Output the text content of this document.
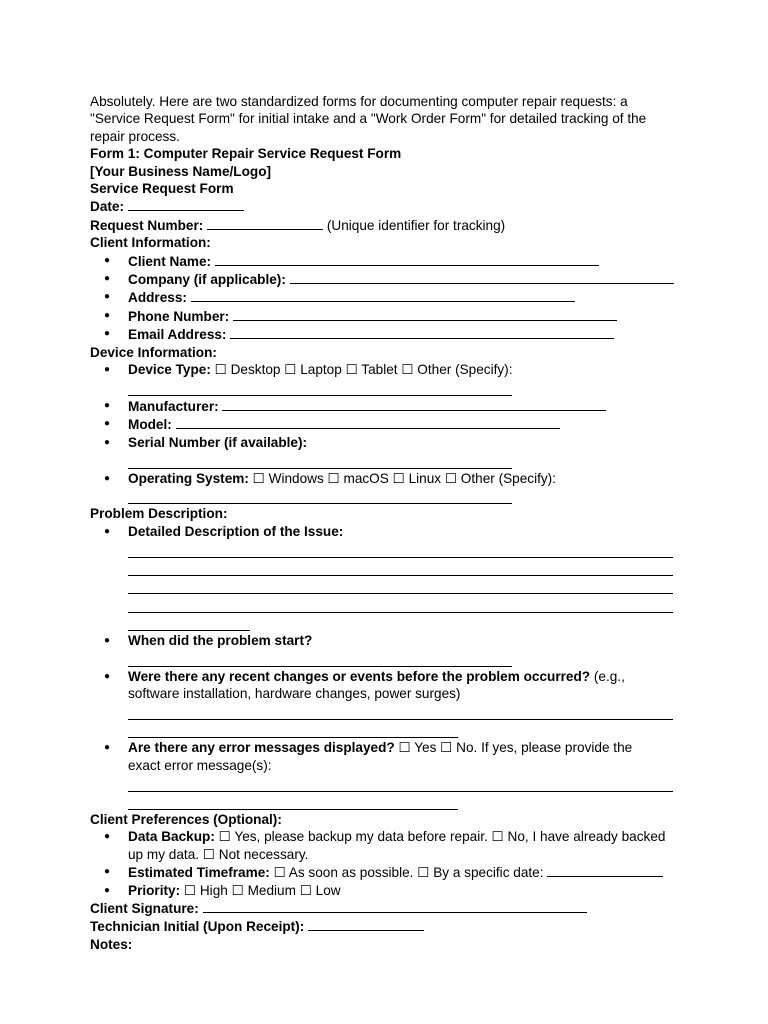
Absolutely. Here are two standardized forms for documenting computer repair requests: a
"Service Request Form" for initial intake and a "Work Order Form" for detailed tracking of the
repair process.
Form 1: Computer Repair Service Request Form
[Your Business Name/Logo]
Service Request Form
Date:
Request Number:	(Unique identifier for tracking)
Client Information:
● Client Name:
● Company (if applicable):
● Address:
● Phone Number:
● Email Address:
Device Information:
● Device Type: ☐ Desktop ☐ Laptop ☐ Tablet ☐ Other (Specify):
● Manufacturer:
● Model:
● Serial Number (if available):
● Operating System: ☐ Windows ☐ macOS ☐ Linux ☐ Other (Specify):
Problem Description:
● Detailed Description of the Issue:
● When did the problem start?
● Were there any recent changes or events before the problem occurred? (e.g.,
software installation, hardware changes, power surges)
● Are there any error messages displayed? ☐ Yes ☐ No. If yes, please provide the
exact error message(s):
Client Preferences (Optional):
● Data Backup: ☐ Yes, please backup my data before repair. ☐ No, I have already backed
up my data. ☐ Not necessary.
● Estimated Timeframe: ☐ As soon as possible. ☐ By a specific date:
● Priority: ☐ High ☐ Medium ☐ Low
Client Signature:
Technician Initial (Upon Receipt):
Notes:
